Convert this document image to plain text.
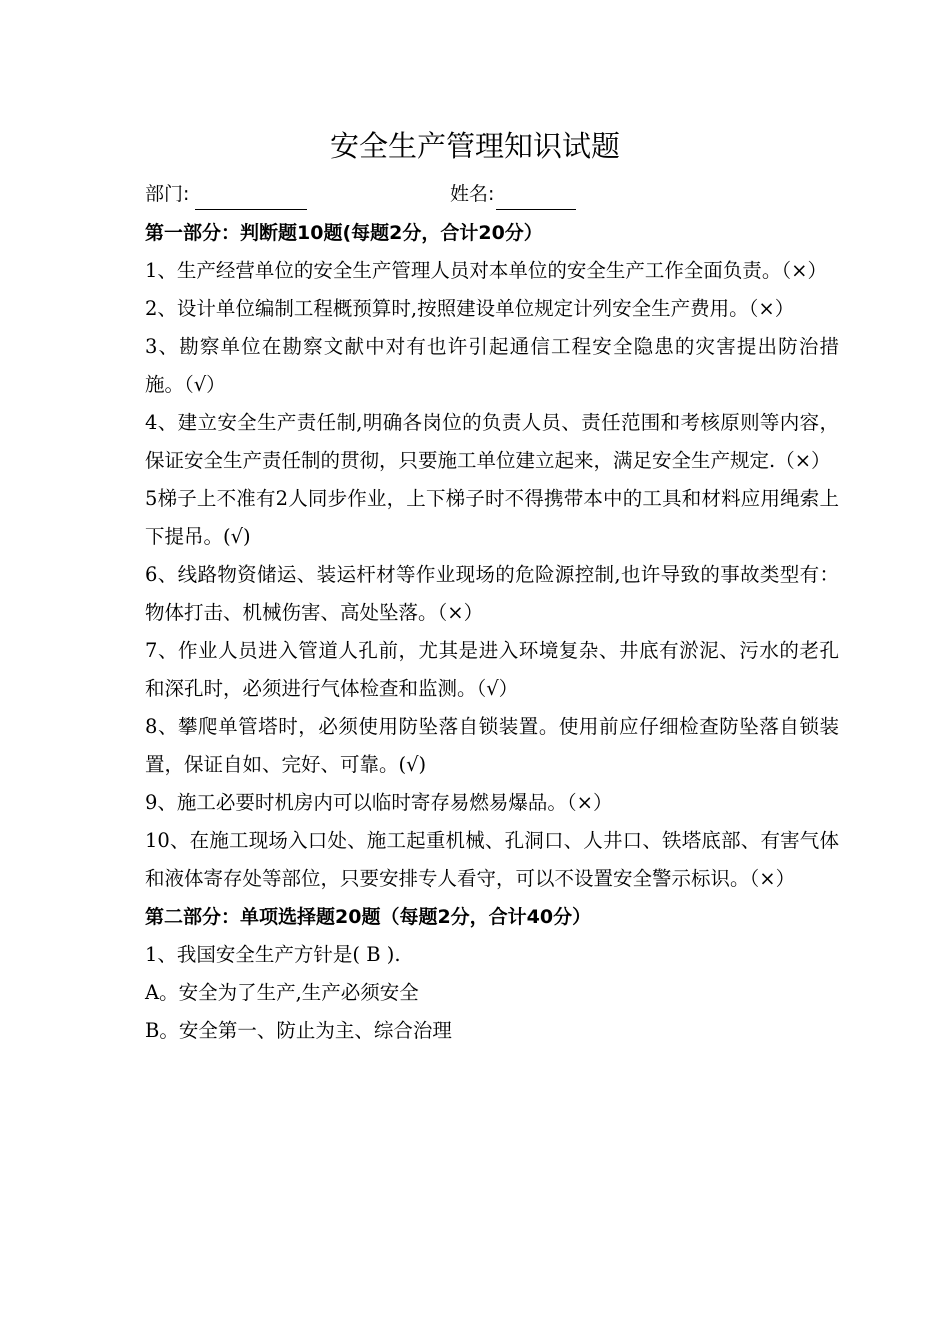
安全生产管理知识试题
部门:	姓名:
第一部分：判断题10题(每题2分，合计20分）

1、生产经营单位的安全生产管理人员对本单位的安全生产工作全面负责。（×）

2、设计单位编制工程概预算时,按照建设单位规定计列安全生产费用。（×）

3、勘察单位在勘察文献中对有也许引起通信工程安全隐患的灾害提出防治措施。（√）

4、建立安全生产责任制,明确各岗位的负责人员、责任范围和考核原则等内容，保证安全生产责任制的贯彻，只要施工单位建立起来，满足安全生产规定.（×）

5梯子上不准有2人同步作业，上下梯子时不得携带本中的工具和材料应用绳索上下提吊。(√)

6、线路物资储运、装运杆材等作业现场的危险源控制,也许导致的事故类型有：物体打击、机械伤害、高处坠落。（×）

7、作业人员进入管道人孔前，尤其是进入环境复杂、井底有淤泥、污水的老孔和深孔时，必须进行气体检查和监测。（√）

8、攀爬单管塔时，必须使用防坠落自锁装置。使用前应仔细检查防坠落自锁装置，保证自如、完好、可靠。(√)

9、施工必要时机房内可以临时寄存易燃易爆品。（×）

10、在施工现场入口处、施工起重机械、孔洞口、人井口、铁塔底部、有害气体和液体寄存处等部位，只要安排专人看守，可以不设置安全警示标识。（×）

第二部分：单项选择题20题（每题2分，合计40分）

1、我国安全生产方针是( B ).

A。安全为了生产,生产必须安全

B。安全第一、防止为主、综合治理
